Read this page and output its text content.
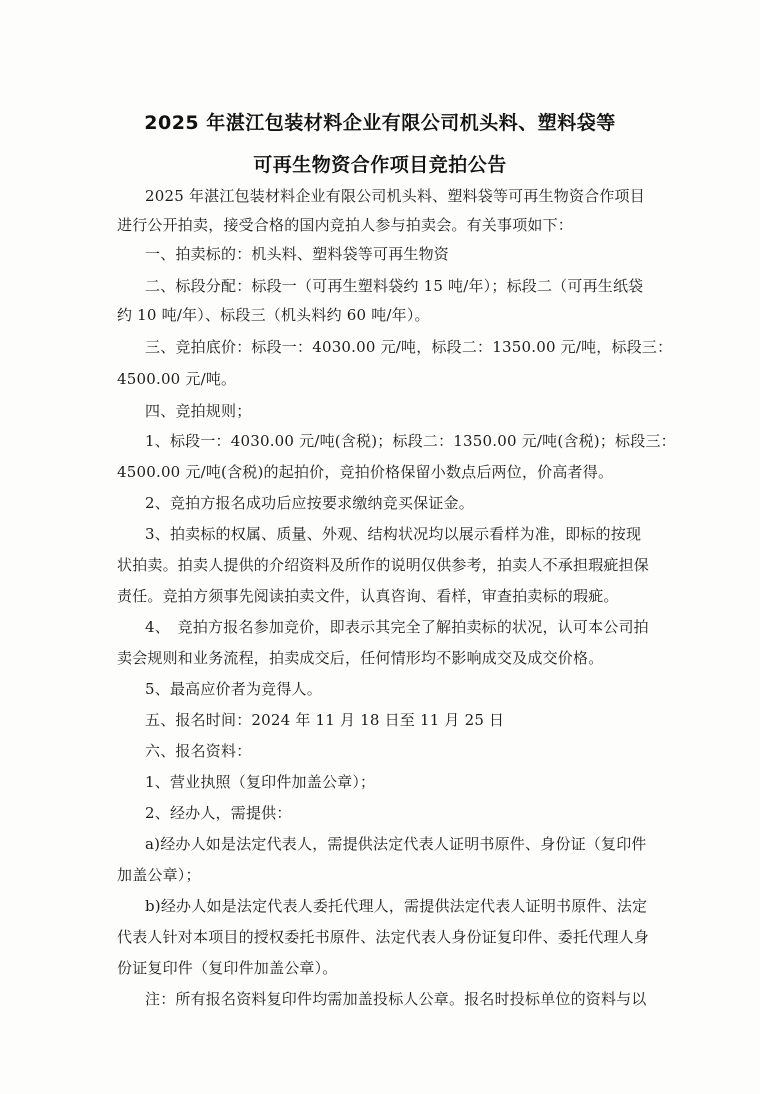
2025 年湛江包装材料企业有限公司机头料、塑料袋等
可再生物资合作项目竞拍公告
2025 年湛江包装材料企业有限公司机头料、塑料袋等可再生物资合作项目
进行公开拍卖，接受合格的国内竞拍人参与拍卖会。有关事项如下：
一、拍卖标的：机头料、塑料袋等可再生物资
二、标段分配：标段一（可再生塑料袋约 15 吨/年）；标段二（可再生纸袋
约 10 吨/年）、标段三（机头料约 60 吨/年）。
三、竞拍底价：标段一：4030.00 元/吨，标段二：1350.00 元/吨，标段三：
4500.00 元/吨。
四、竞拍规则；
1、标段一：4030.00 元/吨(含税)；标段二：1350.00 元/吨(含税)；标段三：
4500.00 元/吨(含税)的起拍价，竞拍价格保留小数点后两位，价高者得。
2、竞拍方报名成功后应按要求缴纳竞买保证金。
3、拍卖标的权属、质量、外观、结构状况均以展示看样为准，即标的按现
状拍卖。拍卖人提供的介绍资料及所作的说明仅供参考，拍卖人不承担瑕疵担保
责任。竞拍方须事先阅读拍卖文件，认真咨询、看样，审查拍卖标的瑕疵。
4、　竞拍方报名参加竞价，即表示其完全了解拍卖标的状况，认可本公司拍
卖会规则和业务流程，拍卖成交后，任何情形均不影响成交及成交价格。
5、最高应价者为竞得人。
五、报名时间：2024 年 11 月 18 日至 11 月 25 日
六、报名资料：
1、营业执照（复印件加盖公章）；
2、经办人，需提供：
a)经办人如是法定代表人，需提供法定代表人证明书原件、身份证（复印件
加盖公章）；
b)经办人如是法定代表人委托代理人，需提供法定代表人证明书原件、法定
代表人针对本项目的授权委托书原件、法定代表人身份证复印件、委托代理人身
份证复印件（复印件加盖公章）。
注：所有报名资料复印件均需加盖投标人公章。报名时投标单位的资料与以
